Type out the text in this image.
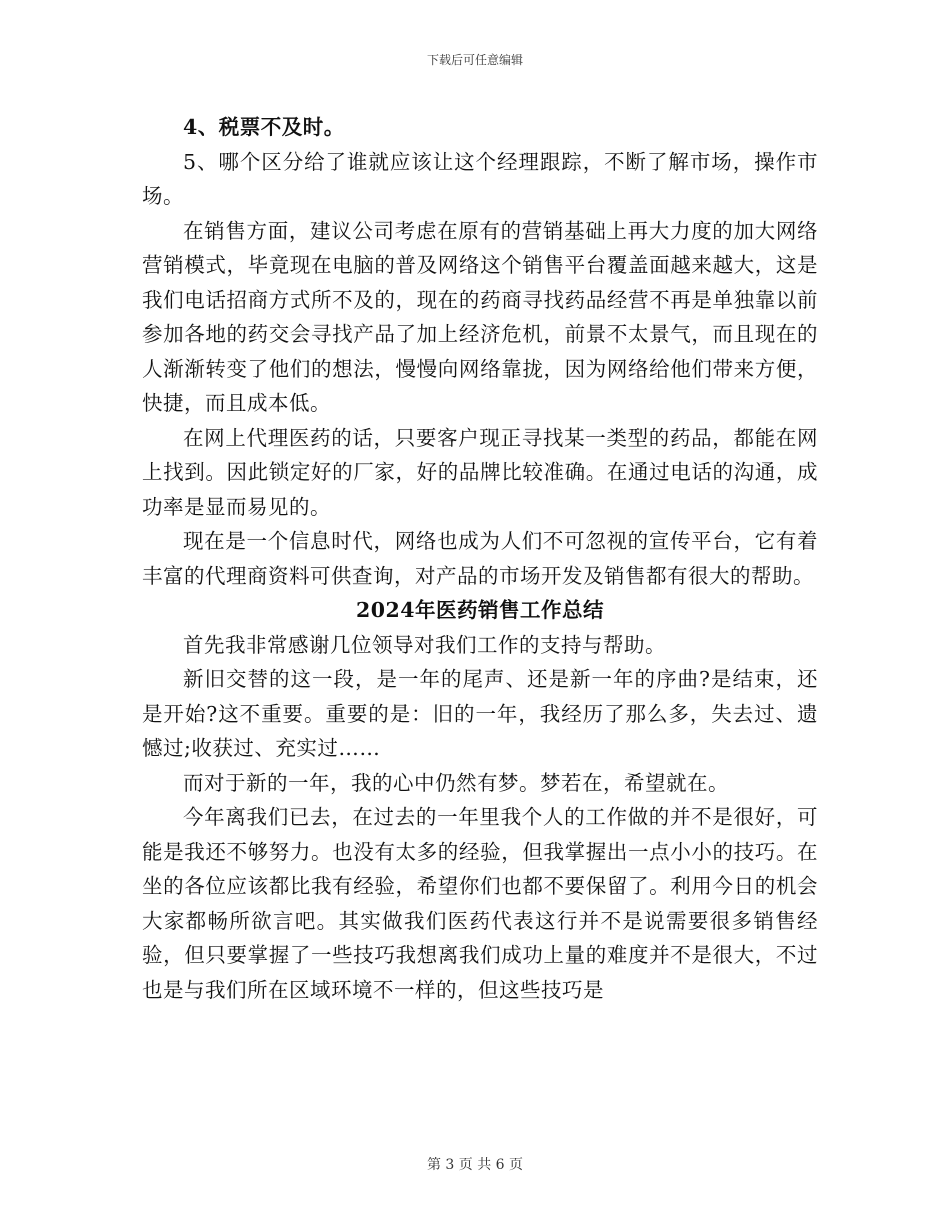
下载后可任意编辑

4、税票不及时。

5、哪个区分给了谁就应该让这个经理跟踪，不断了解市场，操作市场。

在销售方面，建议公司考虑在原有的营销基础上再大力度的加大网络营销模式，毕竟现在电脑的普及网络这个销售平台覆盖面越来越大，这是我们电话招商方式所不及的，现在的药商寻找药品经营不再是单独靠以前参加各地的药交会寻找产品了加上经济危机，前景不太景气，而且现在的人渐渐转变了他们的想法，慢慢向网络靠拢，因为网络给他们带来方便，快捷，而且成本低。

在网上代理医药的话，只要客户现正寻找某一类型的药品，都能在网上找到。因此锁定好的厂家，好的品牌比较准确。在通过电话的沟通，成功率是显而易见的。

现在是一个信息时代，网络也成为人们不可忽视的宣传平台，它有着丰富的代理商资料可供查询，对产品的市场开发及销售都有很大的帮助。

2024年医药销售工作总结

首先我非常感谢几位领导对我们工作的支持与帮助。

新旧交替的这一段，是一年的尾声、还是新一年的序曲?是结束，还是开始?这不重要。重要的是：旧的一年，我经历了那么多，失去过、遗憾过;收获过、充实过……

而对于新的一年，我的心中仍然有梦。梦若在，希望就在。

今年离我们已去，在过去的一年里我个人的工作做的并不是很好，可能是我还不够努力。也没有太多的经验，但我掌握出一点小小的技巧。在坐的各位应该都比我有经验，希望你们也都不要保留了。利用今日的机会大家都畅所欲言吧。其实做我们医药代表这行并不是说需要很多销售经验，但只要掌握了一些技巧我想离我们成功上量的难度并不是很大，不过也是与我们所在区域环境不一样的，但这些技巧是

第 3 页 共 6 页
